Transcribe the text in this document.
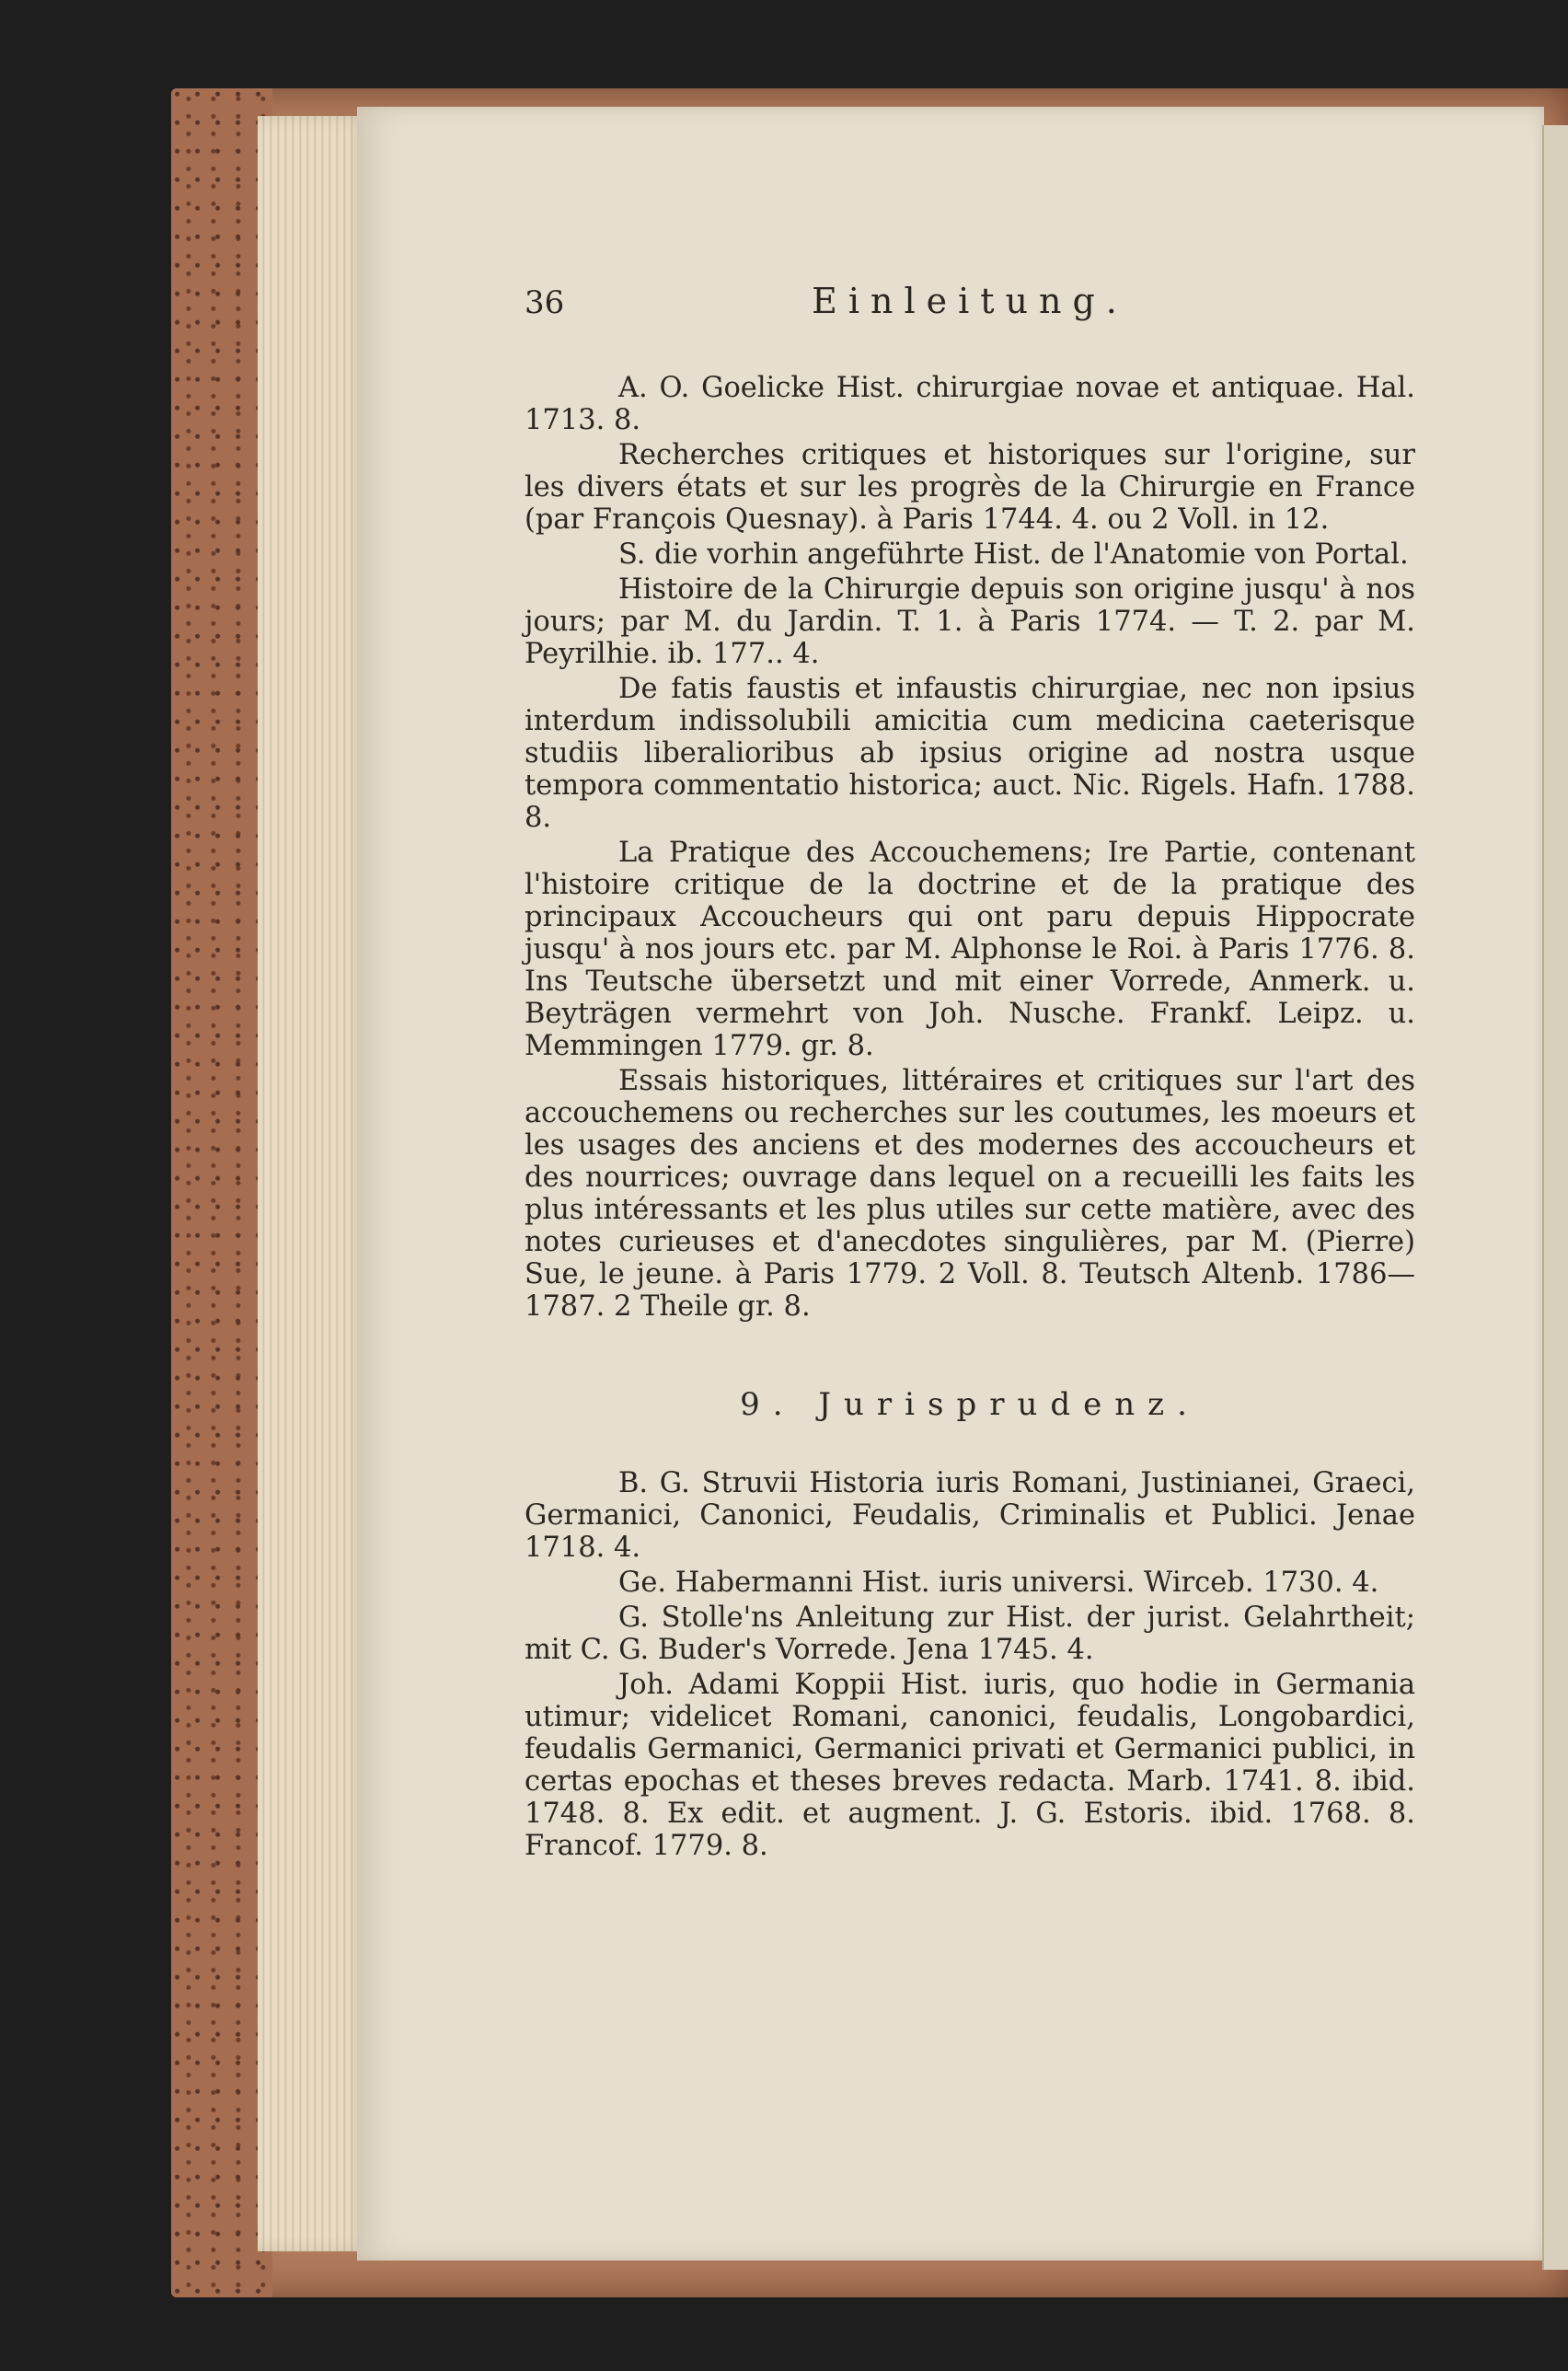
36	Einleitung.

A. O. Goelicke Hist. chirurgiae novae et antiquae. Hal. 1713. 8.

Recherches critiques et historiques sur l'origine, sur les divers états et sur les progrès de la Chirurgie en France (par François Quesnay). à Paris 1744. 4. ou 2 Voll. in 12.

S. die vorhin angeführte Hist. de l'Anatomie von Portal.

Histoire de la Chirurgie depuis son origine jusqu' à nos jours; par M. du Jardin. T. 1. à Paris 1774. — T. 2. par M. Peyrilhie. ib. 177.. 4.

De fatis faustis et infaustis chirurgiae, nec non ipsius interdum indissolubili amicitia cum medicina caeterisque studiis liberalioribus ab ipsius origine ad nostra usque tempora commentatio historica; auct. Nic. Rigels. Hafn. 1788. 8.

La Pratique des Accouchemens; Ire Partie, contenant l'histoire critique de la doctrine et de la pratique des principaux Accoucheurs qui ont paru depuis Hippocrate jusqu' à nos jours etc. par M. Alphonse le Roi. à Paris 1776. 8. Ins Teutsche übersetzt und mit einer Vorrede, Anmerk. u. Beyträgen vermehrt von Joh. Nusche. Frankf. Leipz. u. Memmingen 1779. gr. 8.

Essais historiques, littéraires et critiques sur l'art des accouchemens ou recherches sur les coutumes, les moeurs et les usages des anciens et des modernes des accoucheurs et des nourrices; ouvrage dans lequel on a recueilli les faits les plus intéressants et les plus utiles sur cette matière, avec des notes curieuses et d'anecdotes singulières, par M. (Pierre) Sue, le jeune. à Paris 1779. 2 Voll. 8. Teutsch Altenb. 1786—1787. 2 Theile gr. 8.

9. Jurisprudenz.

B. G. Struvii Historia iuris Romani, Justinianei, Graeci, Germanici, Canonici, Feudalis, Criminalis et Publici. Jenae 1718. 4.

Ge. Habermanni Hist. iuris universi. Wirceb. 1730. 4.

G. Stolle'ns Anleitung zur Hist. der jurist. Gelahrtheit; mit C. G. Buder's Vorrede. Jena 1745. 4.

Joh. Adami Koppii Hist. iuris, quo hodie in Germania utimur; videlicet Romani, canonici, feudalis, Longobardici, feudalis Germanici, Germanici privati et Germanici publici, in certas epochas et theses breves redacta. Marb. 1741. 8. ibid. 1748. 8. Ex edit. et augment. J. G. Estoris. ibid. 1768. 8. Francof. 1779. 8.
